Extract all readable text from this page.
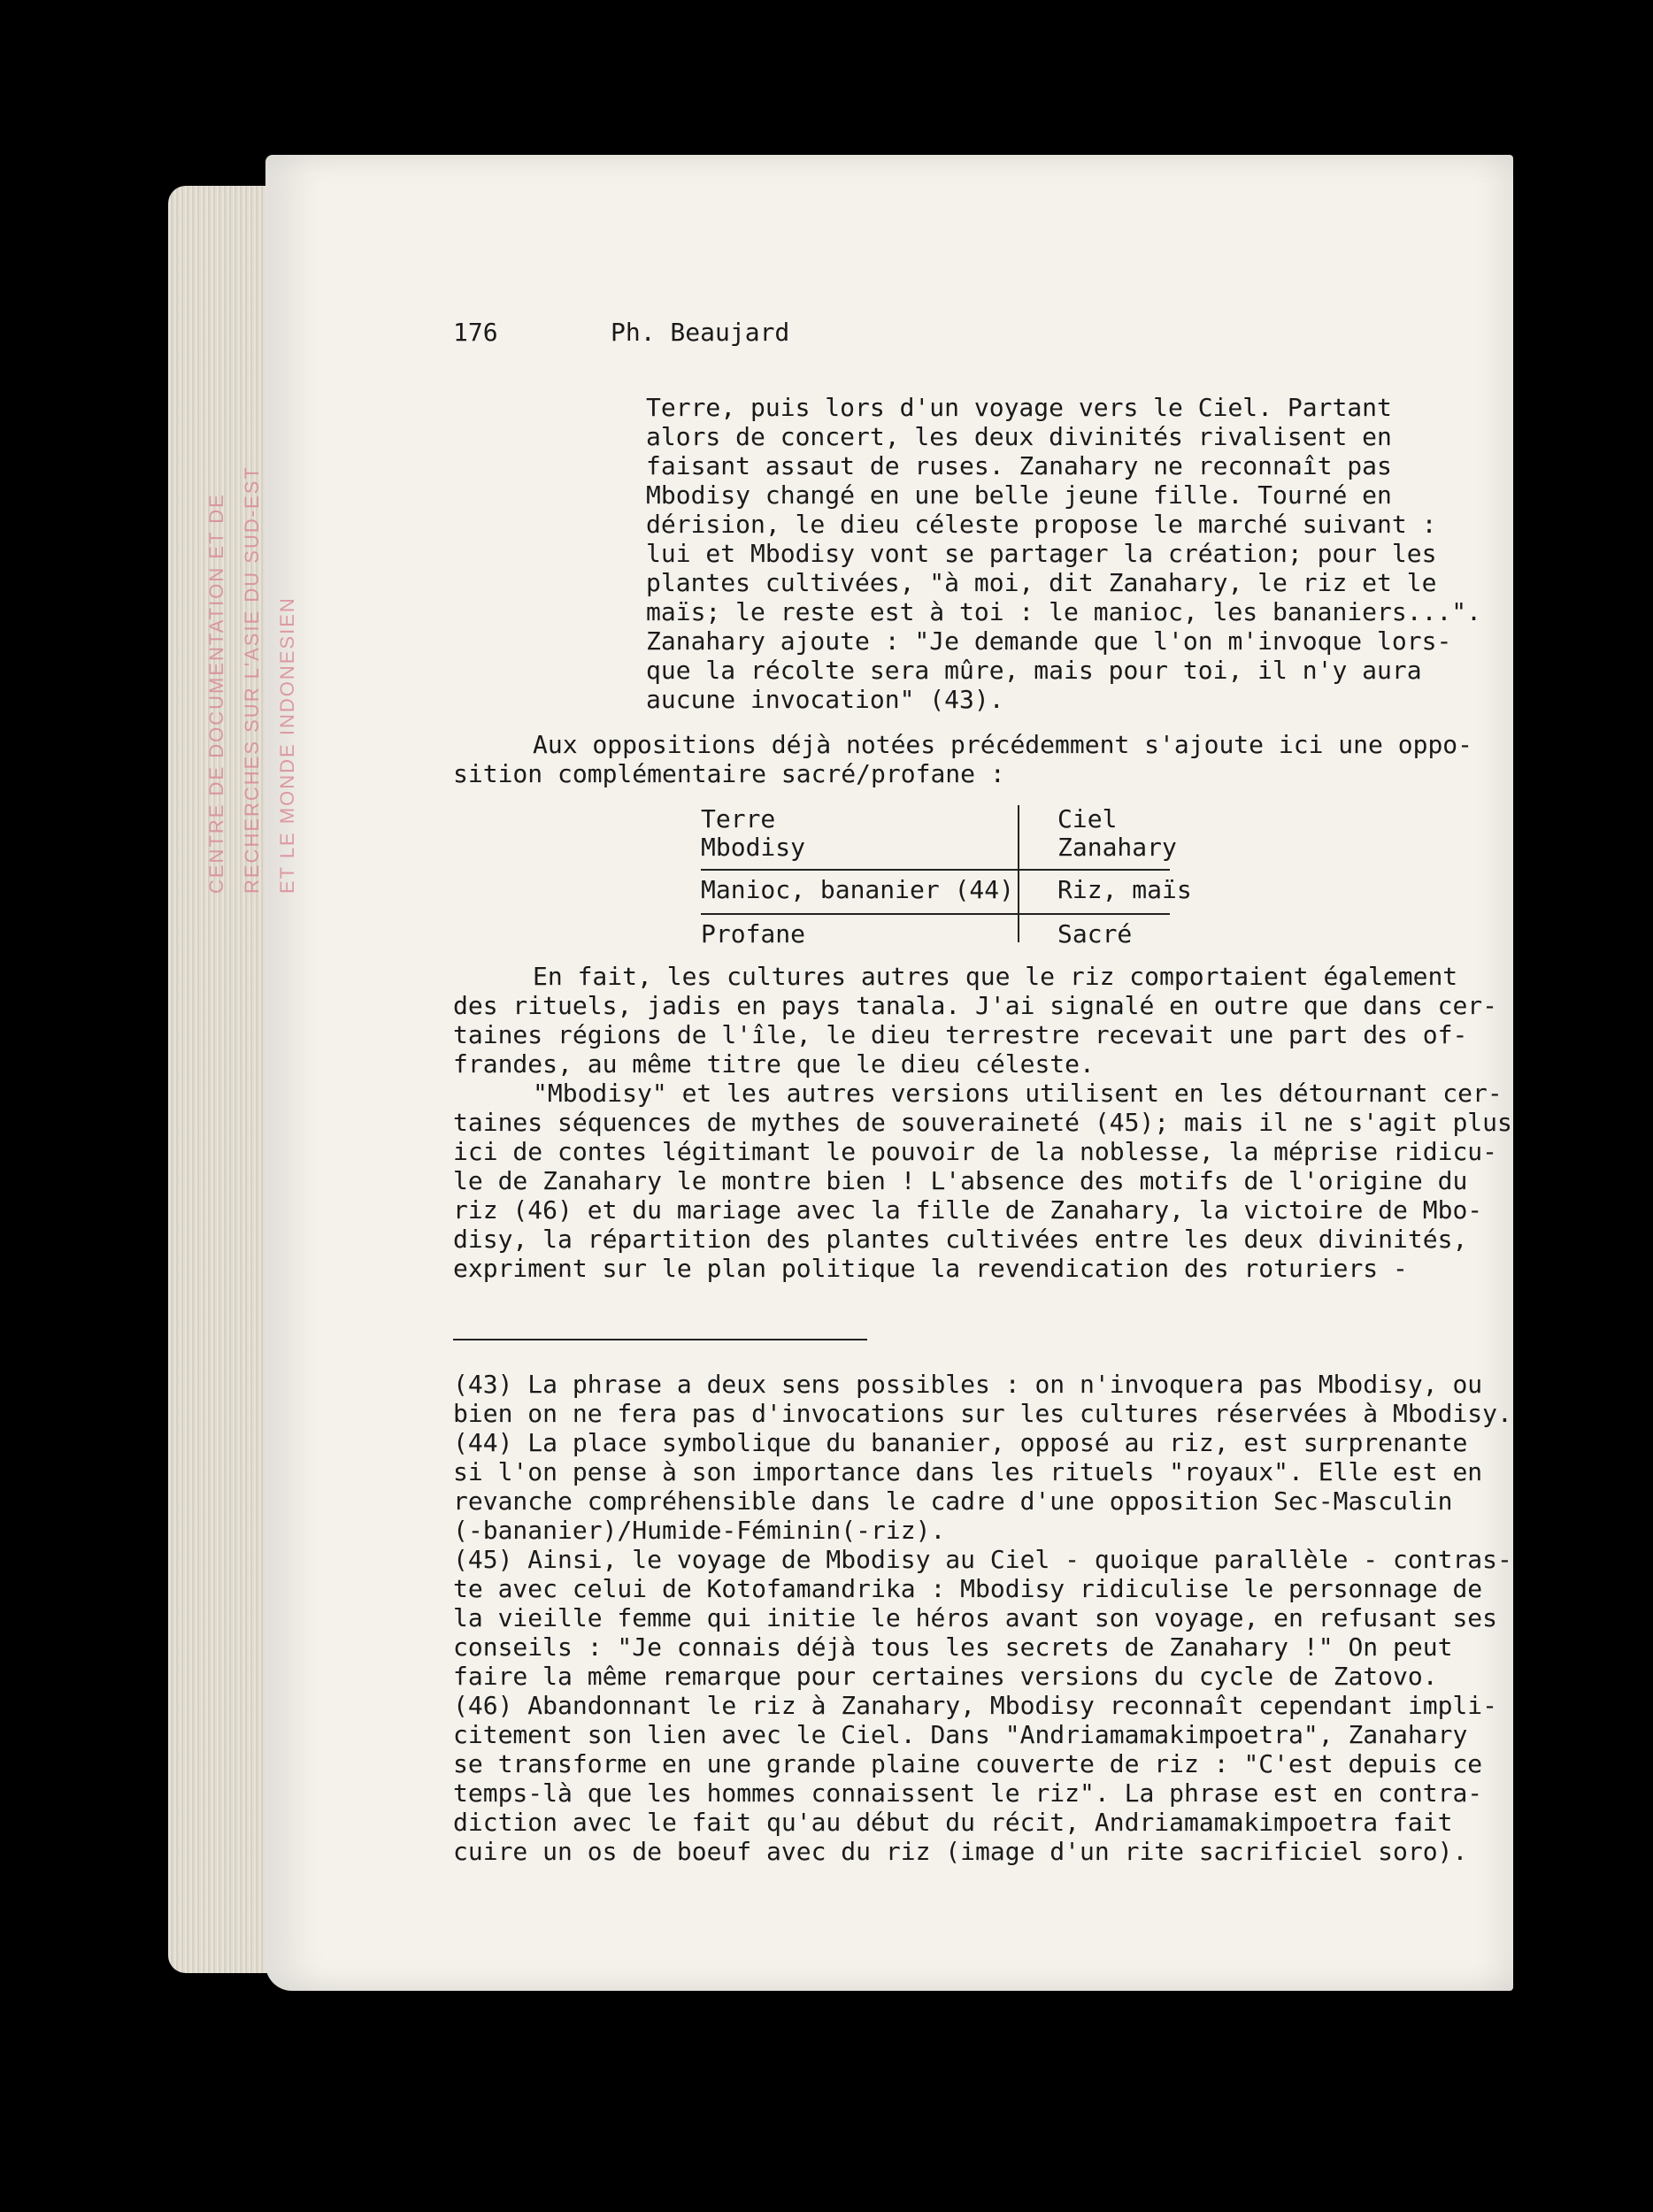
CENTRE DE DOCUMENTATION ET DE RECHERCHES SUR L'ASIE DU SUD-EST ET LE MONDE INDONESIEN
176	Ph. Beaujard
Terre, puis lors d'un voyage vers le Ciel. Partant
alors de concert, les deux divinités rivalisent en
faisant assaut de ruses. Zanahary ne reconnaît pas
Mbodisy changé en une belle jeune fille. Tourné en
dérision, le dieu céleste propose le marché suivant :
lui et Mbodisy vont se partager la création; pour les
plantes cultivées, "à moi, dit Zanahary, le riz et le
maïs; le reste est à toi : le manioc, les bananiers...".
Zanahary ajoute : "Je demande que l'on m'invoque lors-
que la récolte sera mûre, mais pour toi, il n'y aura
aucune invocation" (43).
Aux oppositions déjà notées précédemment s'ajoute ici une oppo-
sition complémentaire sacré/profane :
Terre
Mbodisy
Manioc, bananier (44)
Profane
Ciel
Zanahary
Riz, maïs
Sacré
En fait, les cultures autres que le riz comportaient également
des rituels, jadis en pays tanala. J'ai signalé en outre que dans cer-
taines régions de l'île, le dieu terrestre recevait une part des of-
frandes, au même titre que le dieu céleste.
"Mbodisy" et les autres versions utilisent en les détournant cer-
taines séquences de mythes de souveraineté (45); mais il ne s'agit plus
ici de contes légitimant le pouvoir de la noblesse, la méprise ridicu-
le de Zanahary le montre bien ! L'absence des motifs de l'origine du
riz (46) et du mariage avec la fille de Zanahary, la victoire de Mbo-
disy, la répartition des plantes cultivées entre les deux divinités,
expriment sur le plan politique la revendication des roturiers -
(43) La phrase a deux sens possibles : on n'invoquera pas Mbodisy, ou
bien on ne fera pas d'invocations sur les cultures réservées à Mbodisy.
(44) La place symbolique du bananier, opposé au riz, est surprenante
si l'on pense à son importance dans les rituels "royaux". Elle est en
revanche compréhensible dans le cadre d'une opposition Sec-Masculin
(-bananier)/Humide-Féminin(-riz).
(45) Ainsi, le voyage de Mbodisy au Ciel - quoique parallèle - contras-
te avec celui de Kotofamandrika : Mbodisy ridiculise le personnage de
la vieille femme qui initie le héros avant son voyage, en refusant ses
conseils : "Je connais déjà tous les secrets de Zanahary !" On peut
faire la même remarque pour certaines versions du cycle de Zatovo.
(46) Abandonnant le riz à Zanahary, Mbodisy reconnaît cependant impli-
citement son lien avec le Ciel. Dans "Andriamamakimpoetra", Zanahary
se transforme en une grande plaine couverte de riz : "C'est depuis ce
temps-là que les hommes connaissent le riz". La phrase est en contra-
diction avec le fait qu'au début du récit, Andriamamakimpoetra fait
cuire un os de boeuf avec du riz (image d'un rite sacrificiel soro).
